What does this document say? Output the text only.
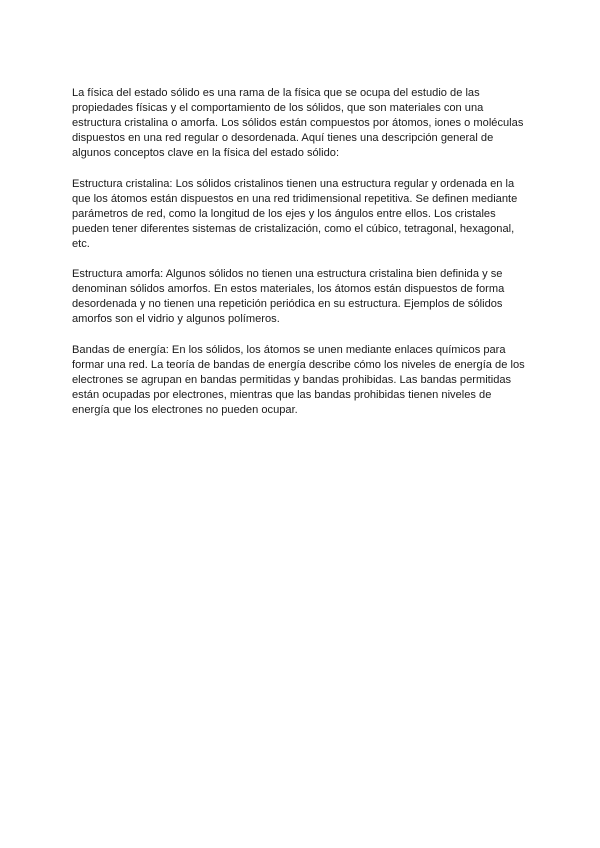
La física del estado sólido es una rama de la física que se ocupa del estudio de las propiedades físicas y el comportamiento de los sólidos, que son materiales con una estructura cristalina o amorfa. Los sólidos están compuestos por átomos, iones o moléculas dispuestos en una red regular o desordenada. Aquí tienes una descripción general de algunos conceptos clave en la física del estado sólido:

Estructura cristalina: Los sólidos cristalinos tienen una estructura regular y ordenada en la que los átomos están dispuestos en una red tridimensional repetitiva. Se definen mediante parámetros de red, como la longitud de los ejes y los ángulos entre ellos. Los cristales pueden tener diferentes sistemas de cristalización, como el cúbico, tetragonal, hexagonal, etc.

Estructura amorfa: Algunos sólidos no tienen una estructura cristalina bien definida y se denominan sólidos amorfos. En estos materiales, los átomos están dispuestos de forma desordenada y no tienen una repetición periódica en su estructura. Ejemplos de sólidos amorfos son el vidrio y algunos polímeros.

Bandas de energía: En los sólidos, los átomos se unen mediante enlaces químicos para formar una red. La teoría de bandas de energía describe cómo los niveles de energía de los electrones se agrupan en bandas permitidas y bandas prohibidas. Las bandas permitidas están ocupadas por electrones, mientras que las bandas prohibidas tienen niveles de energía que los electrones no pueden ocupar.
